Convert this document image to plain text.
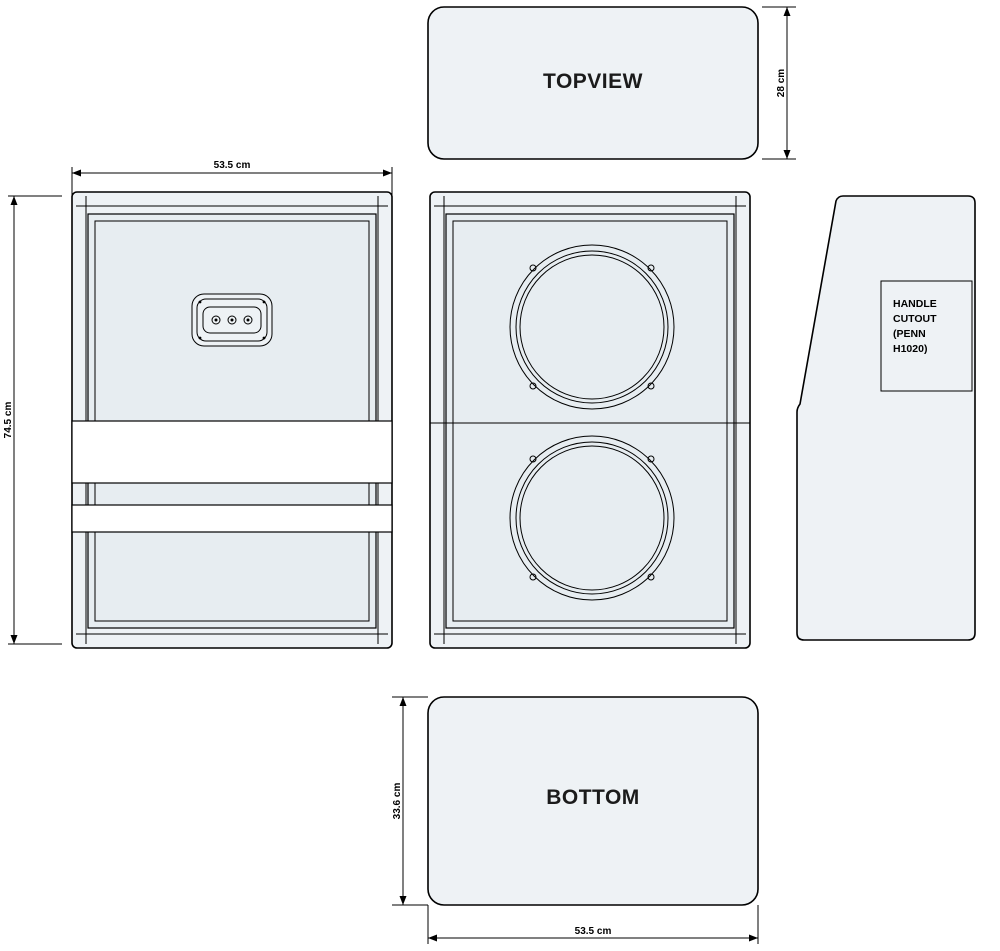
TOPVIEW	28 cm
53.5 cm
74.5 cm
HANDLE
CUTOUT
(PENN
H1020)
BOTTOM
33.6 cm
53.5 cm
